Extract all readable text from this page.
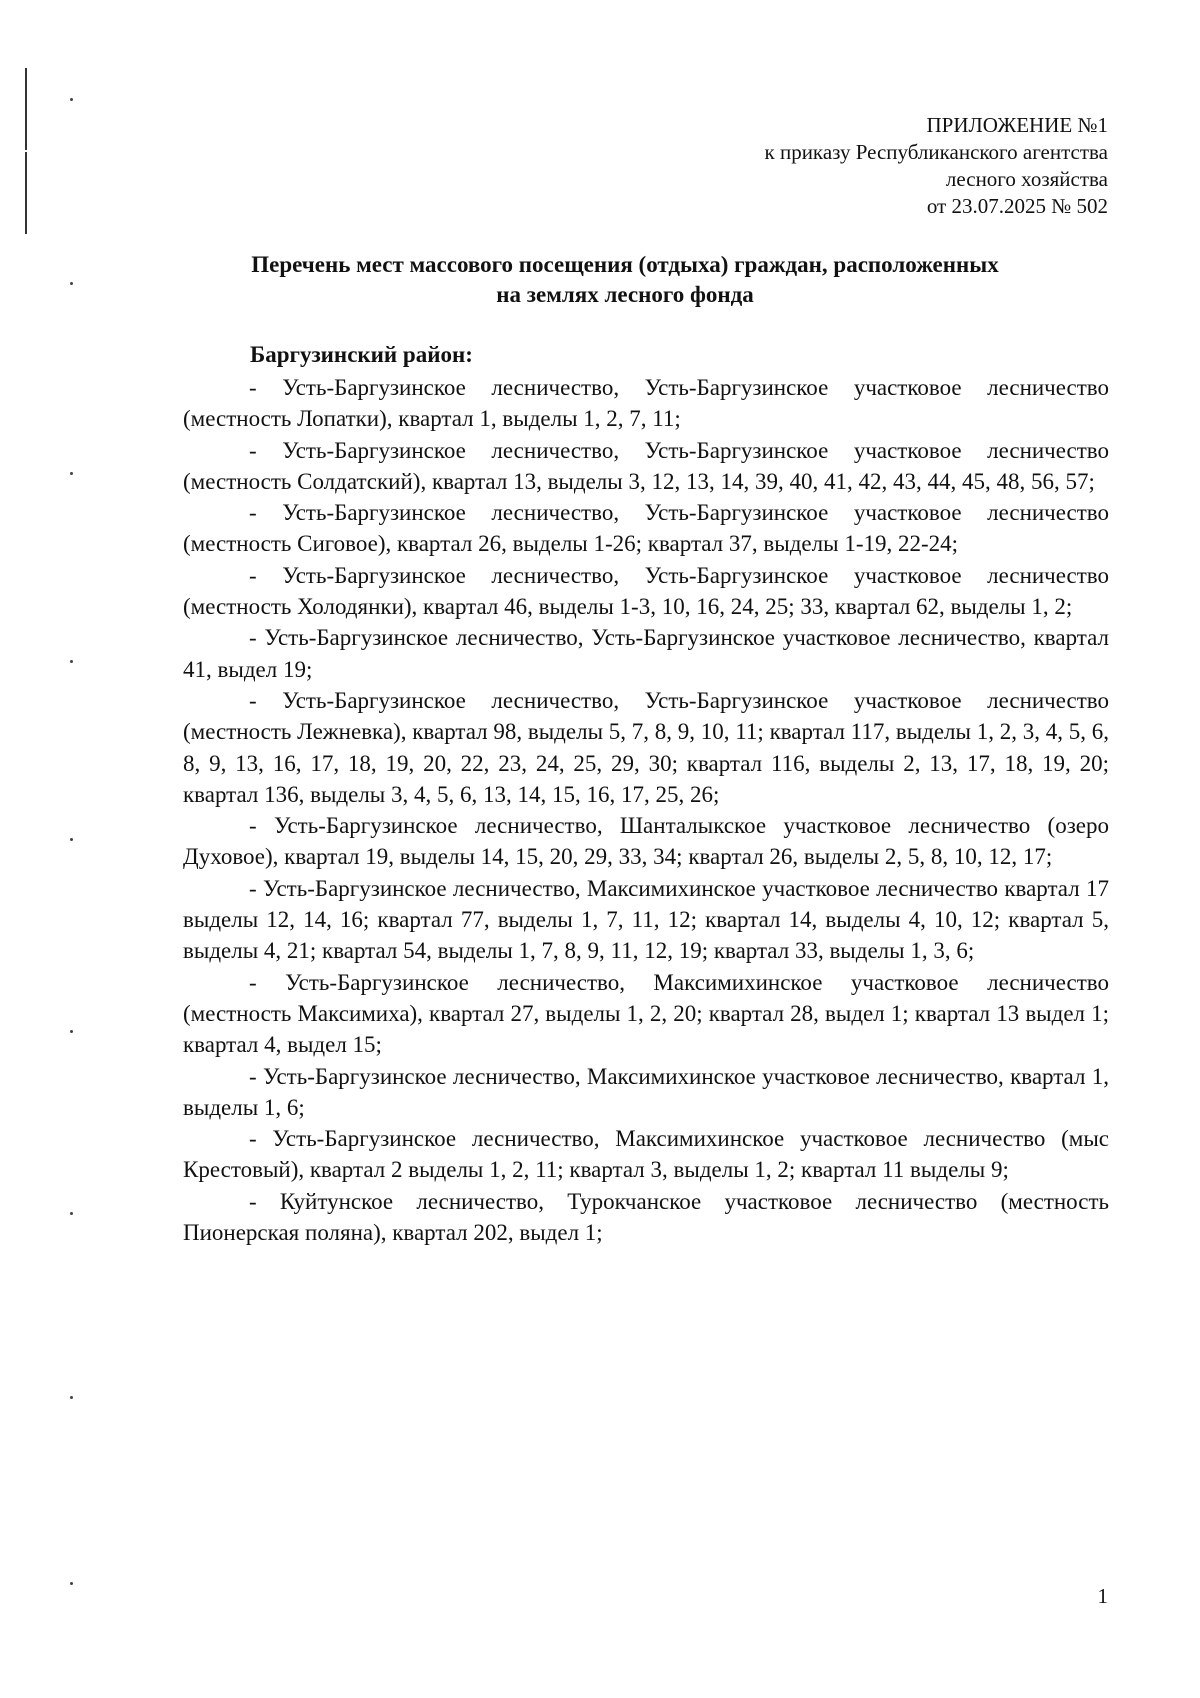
ПРИЛОЖЕНИЕ №1
к приказу Республиканского агентства
лесного хозяйства
от 23.07.2025 № 502
Перечень мест массового посещения (отдыха) граждан, расположенных
на землях лесного фонда
Баргузинский район:

- Усть-Баргузинское лесничество, Усть-Баргузинское участковое лесничество (местность Лопатки), квартал 1, выделы 1, 2, 7, 11;

- Усть-Баргузинское лесничество, Усть-Баргузинское участковое лесничество (местность Солдатский), квартал 13, выделы 3, 12, 13, 14, 39, 40, 41, 42, 43, 44, 45, 48, 56, 57;

- Усть-Баргузинское лесничество, Усть-Баргузинское участковое лесничество (местность Сиговое), квартал 26, выделы 1-26; квартал 37, выделы 1-19, 22-24;

- Усть-Баргузинское лесничество, Усть-Баргузинское участковое лесничество (местность Холодянки), квартал 46, выделы 1-3, 10, 16, 24, 25; 33, квартал 62, выделы 1, 2;

- Усть-Баргузинское лесничество, Усть-Баргузинское участковое лесничество, квартал 41, выдел 19;

- Усть-Баргузинское лесничество, Усть-Баргузинское участковое лесничество (местность Лежневка), квартал 98, выделы 5, 7, 8, 9, 10, 11; квартал 117, выделы 1, 2, 3, 4, 5, 6, 8, 9, 13, 16, 17, 18, 19, 20, 22, 23, 24, 25, 29, 30; квартал 116, выделы 2, 13, 17, 18, 19, 20; квартал 136, выделы 3, 4, 5, 6, 13, 14, 15, 16, 17, 25, 26;

- Усть-Баргузинское лесничество, Шанталыкское участковое лесничество (озеро Духовое), квартал 19, выделы 14, 15, 20, 29, 33, 34; квартал 26, выделы 2, 5, 8, 10, 12, 17;

- Усть-Баргузинское лесничество, Максимихинское участковое лесничество квартал 17 выделы 12, 14, 16; квартал 77, выделы 1, 7, 11, 12; квартал 14, выделы 4, 10, 12; квартал 5, выделы 4, 21; квартал 54, выделы 1, 7, 8, 9, 11, 12, 19; квартал 33, выделы 1, 3, 6;

- Усть-Баргузинское лесничество, Максимихинское участковое лесничество (местность Максимиха), квартал 27, выделы 1, 2, 20; квартал 28, выдел 1; квартал 13 выдел 1; квартал 4, выдел 15;

- Усть-Баргузинское лесничество, Максимихинское участковое лесничество, квартал 1, выделы 1, 6;

- Усть-Баргузинское лесничество, Максимихинское участковое лесничество (мыс Крестовый), квартал 2 выделы 1, 2, 11; квартал 3, выделы 1, 2; квартал 11 выделы 9;

- Куйтунское лесничество, Турокчанское участковое лесничество (местность Пионерская поляна), квартал 202, выдел 1;

1
